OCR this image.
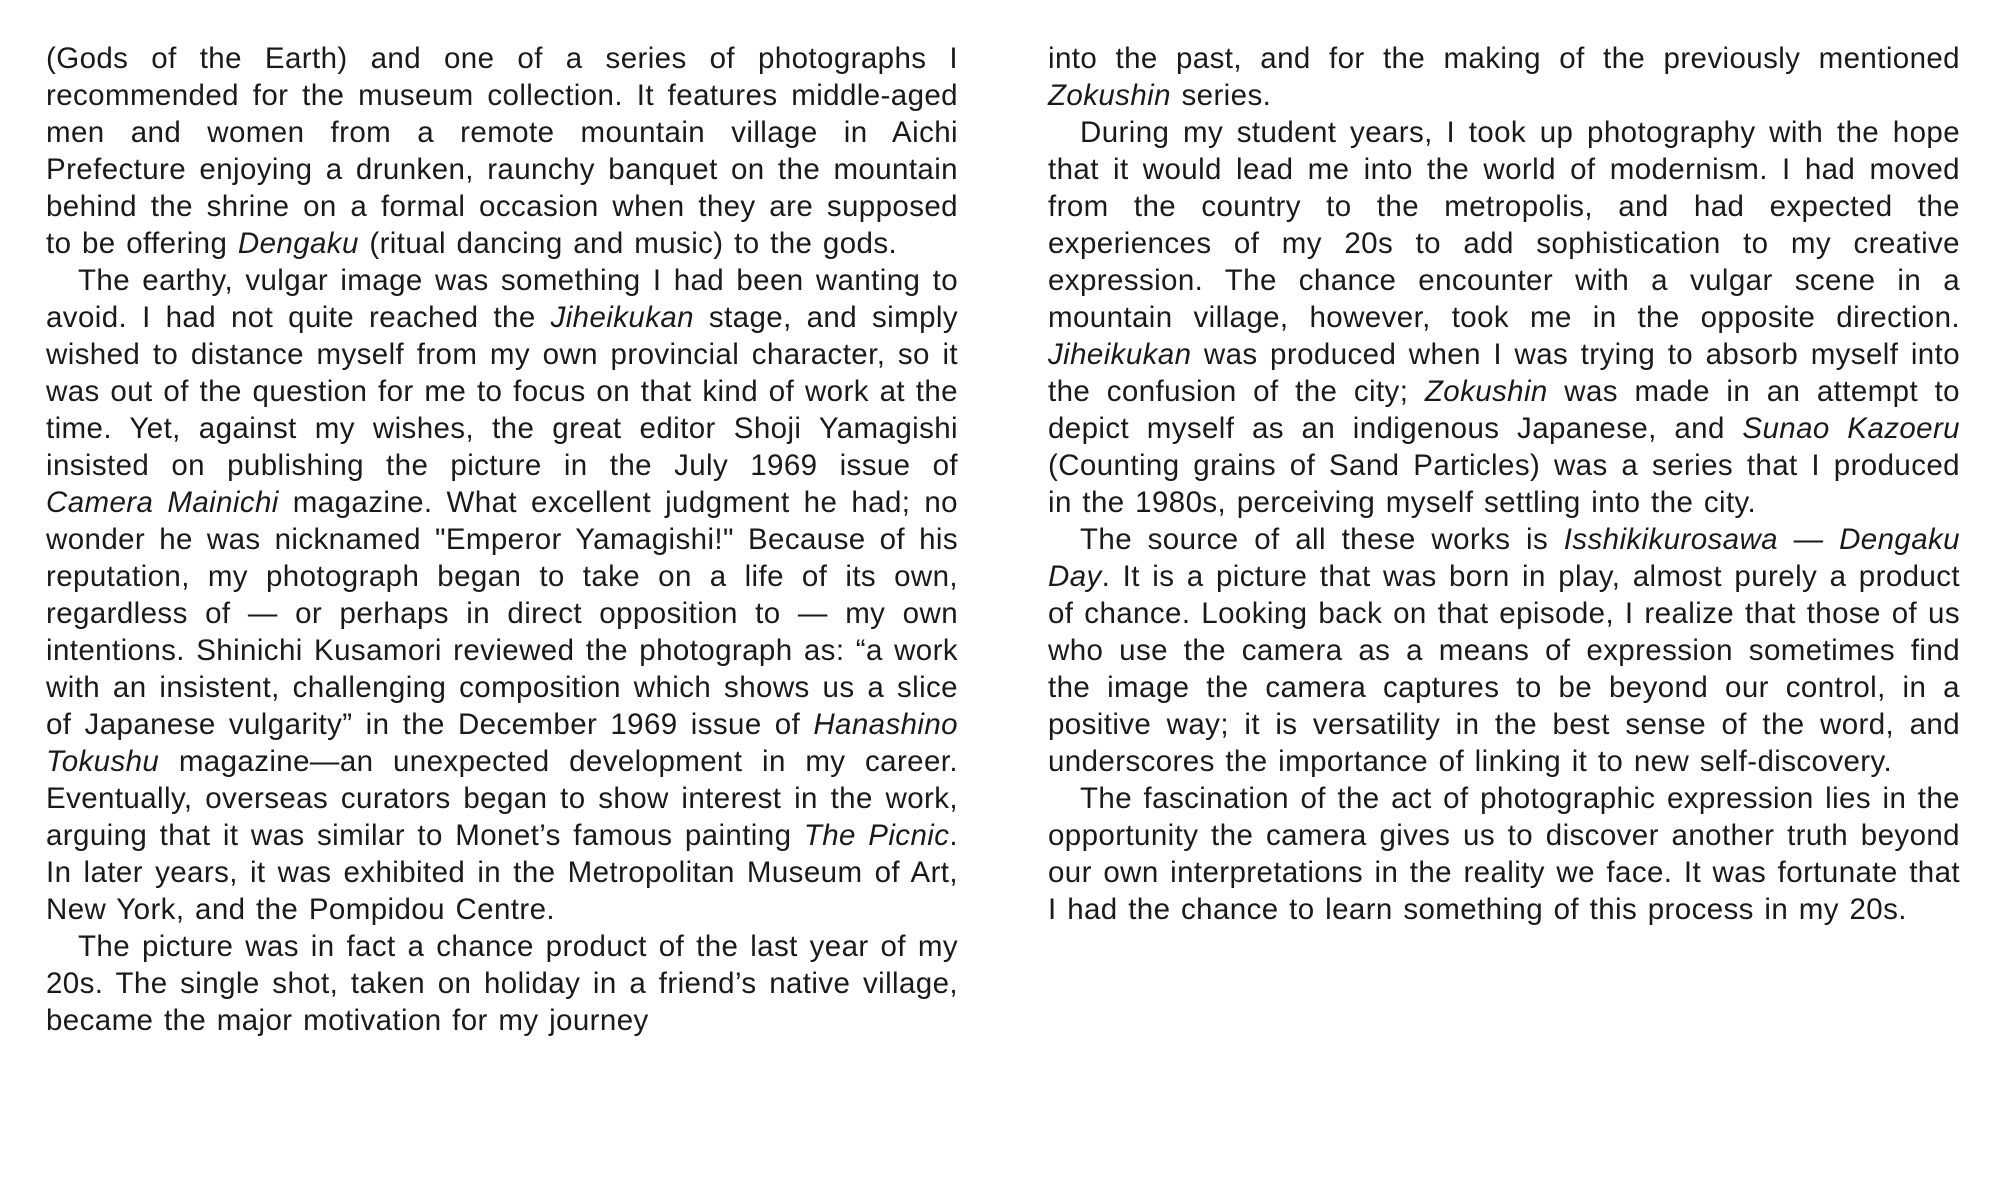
(Gods of the Earth) and one of a series of photographs I recommended for the museum collection. It features middle-aged men and women from a remote mountain village in Aichi Prefecture enjoying a drunken, raunchy banquet on the mountain behind the shrine on a formal occasion when they are supposed to be offering Dengaku (ritual dancing and music) to the gods.

The earthy, vulgar image was something I had been wanting to avoid. I had not quite reached the Jiheikukan stage, and simply wished to distance myself from my own provincial character, so it was out of the question for me to focus on that kind of work at the time. Yet, against my wishes, the great editor Shoji Yamagishi insisted on publishing the picture in the July 1969 issue of Camera Mainichi magazine. What excellent judgment he had; no wonder he was nicknamed "Emperor Yamagishi!" Because of his reputation, my photograph began to take on a life of its own, regardless of — or perhaps in direct opposition to — my own intentions. Shinichi Kusamori reviewed the photograph as: “a work with an insistent, challenging composition which shows us a slice of Japanese vulgarity” in the December 1969 issue of Hanashino Tokushu magazine—an unexpected development in my career. Eventually, overseas curators began to show interest in the work, arguing that it was similar to Monet’s famous painting The Picnic. In later years, it was exhibited in the Metropolitan Museum of Art, New York, and the Pompidou Centre.

The picture was in fact a chance product of the last year of my 20s. The single shot, taken on holiday in a friend’s native village, became the major motivation for my journey

into the past, and for the making of the previously mentioned Zokushin series.

During my student years, I took up photography with the hope that it would lead me into the world of modernism. I had moved from the country to the metropolis, and had expected the experiences of my 20s to add sophistication to my creative expression. The chance encounter with a vulgar scene in a mountain village, however, took me in the opposite direction. Jiheikukan was produced when I was trying to absorb myself into the confusion of the city; Zokushin was made in an attempt to depict myself as an indigenous Japanese, and Sunao Kazoeru (Counting grains of Sand Particles) was a series that I produced in the 1980s, perceiving myself settling into the city.

The source of all these works is Isshikikurosawa — Dengaku Day. It is a picture that was born in play, almost purely a product of chance. Looking back on that episode, I realize that those of us who use the camera as a means of expression sometimes find the image the camera captures to be beyond our control, in a positive way; it is versatility in the best sense of the word, and underscores the importance of linking it to new self-discovery.

The fascination of the act of photographic expression lies in the opportunity the camera gives us to discover another truth beyond our own interpretations in the reality we face. It was fortunate that I had the chance to learn something of this process in my 20s.
